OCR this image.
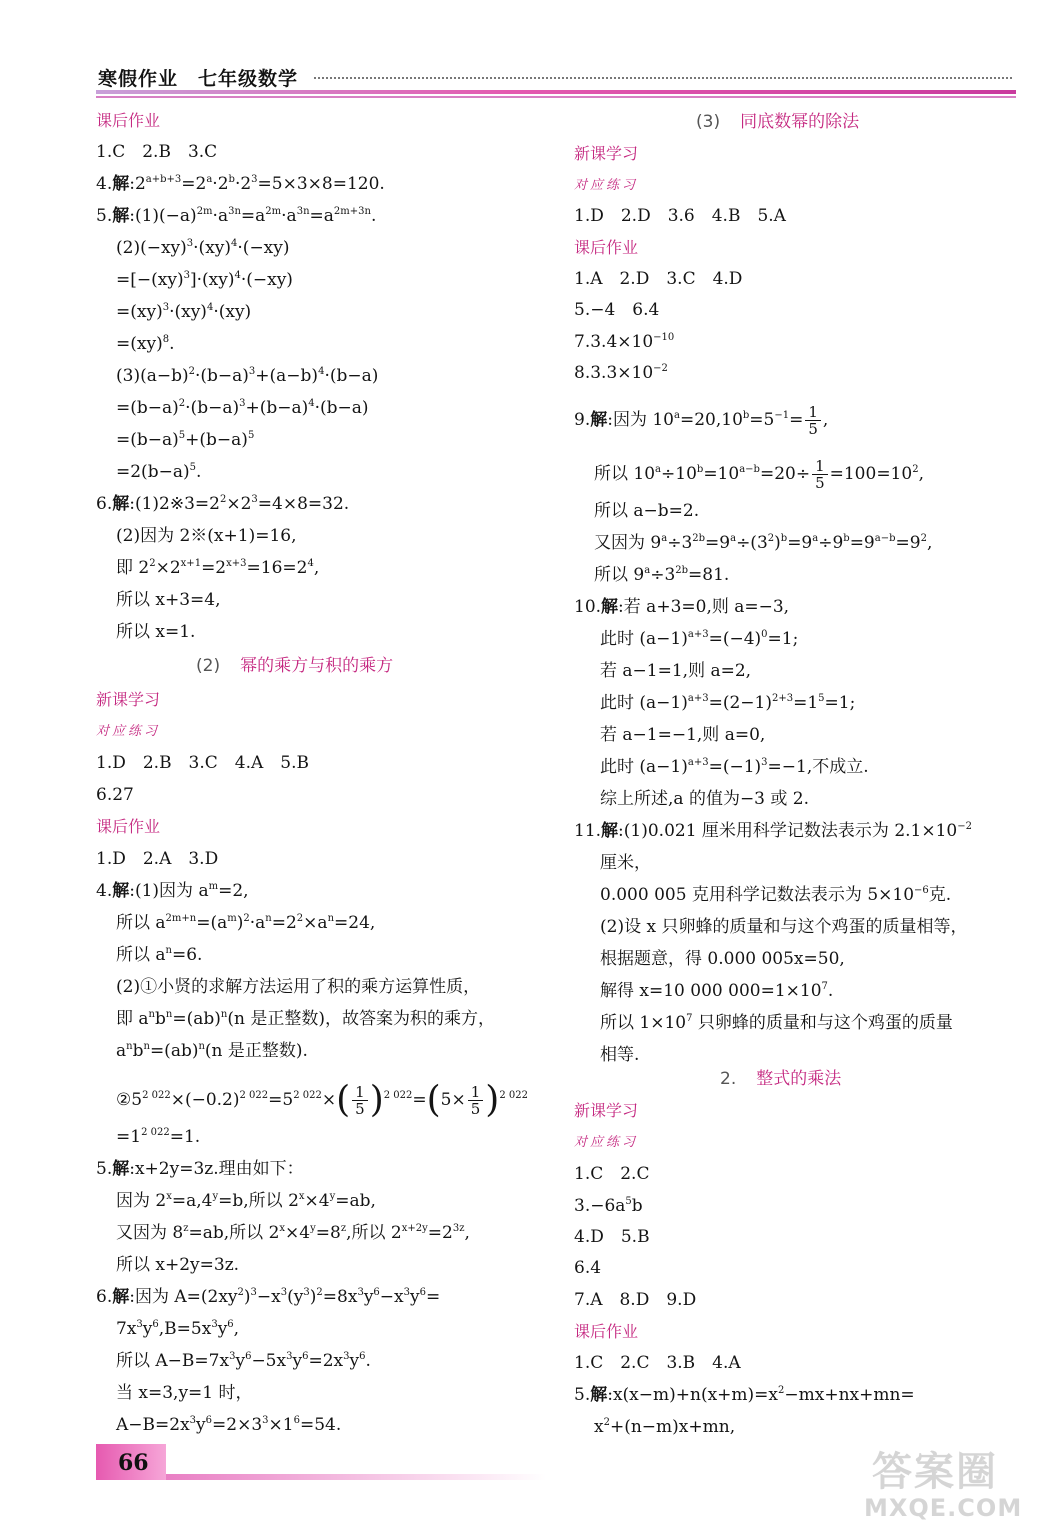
寒假作业　七年级数学
课后作业
1.C　2.B　3.C
4.解$:2^{a+b+3}=2^a\cdot 2^b\cdot 2^3=5\times 3\times 8=120$.
5.解$:(1)(-a)^{2m}\cdot a^{3n}=a^{2m}\cdot a^{3n}=a^{2m+3n}$.
$(2)(-xy)^3\cdot(xy)^4\cdot(-xy)$
=[−(xy)$^3$]·(xy)$^4$·(−xy)
=(xy)$^3$·(xy)$^4$·(xy)
=(xy)$^8$.
$(3)(a-b)^2\cdot(b-a)^3+(a-b)^4\cdot(b-a)$
$=(b-a)^2\cdot(b-a)^3+(b-a)^4\cdot(b-a)$
$=(b-a)^5+(b-a)^5$
$=2(b-a)^5$.
6.解$:(1)2※3=2^2\times 2^3=4\times 8=32$.
(2)因为 2※(x+1)=16,
即 $2^2\times 2^{x+1}=2^{x+3}=16=2^4$,
所以 x+3=4,
所以 x=1.
(2) 幂的乘方与积的乘方
新课学习
对应练习
1.D　2.B　3.C　4.A　5.B
6.27
课后作业
1.D　2.A　3.D
4.解:(1)因为 $a^m=2$,
所以 $a^{2m+n}=(a^m)^2\cdot a^n=2^2\times a^n=24$,
所以 $a^n=6$.
(2)①小贤的求解方法运用了积的乘方运算性质，
即 $a^nb^n=(ab)^n(n$ 是正整数)，故答案为积的乘方，
$a^nb^n=(ab)^n(n$ 是正整数).
$②5^{2 022}\times(-0.2)^{2 022}=5^{2 022}\times( \frac{1}{5} )^{2 022}=(5\times \frac{1}{5} )^{2 022}$
$=1^{2 022}=1$.
5.解:x+2y=3z.理由如下：
因为 $2^x=a,4^y=b$,所以 $2^x\times 4^y=ab$,
又因为 $8^z=ab$,所以 $2^x\times 4^y=8^z$,所以 $2^{x+2y}=2^{3z}$,
所以 x+2y=3z.
6.解:因为 $A=(2xy^2)^3-x^3(y^3)^2=8x^3y^6-x^3y^6=$
$7x^3y^6,B=5x^3y^6$,
所以 $A-B=7x^3y^6-5x^3y^6=2x^3y^6$.
当 x=3,y=1 时，
$A-B=2x^3y^6=2\times 3^3\times 1^6=54$.
(3) 同底数幂的除法
新课学习
对应练习
1.D　2.D　3.6　4.B　5.A
课后作业
1.A　2.D　3.C　4.D
5.−4　6.4
$7.3.4\times 10^{-10}$
$8.3.3\times 10^{-2}$
9.解:因为 $10^a=20,10^b=5^{-1}= \frac{1}{5}$ ,
所以 $10^a\div 10^b=10^{a-b}=20\div \frac{1}{5} =100=10^2$,
所以 a−b=2.
又因为 $9^a\div 3^{2b}=9^a\div(3^2)^b=9^a\div 9^b=9^{a-b}=9^2$,
所以 $9^a\div 3^{2b}=81$.
10.解:若 a+3=0,则 a=−3,
此时 $(a-1)^{a+3}=(-4)^0=1$;
若 a−1=1,则 a=2,
此时 $(a-1)^{a+3}=(2-1)^{2+3}=1^5=1$;
若 a−1=−1,则 a=0,
此时 $(a-1)^{a+3}=(-1)^3=-1$,不成立.
综上所述,a 的值为−3 或 2.
11.解:(1)0.021 厘米用科学记数法表示为 $2.1\times 10^{-2}$
厘米，
0.000 005 克用科学记数法表示为 $5\times 10^{-6}$克.
(2)设 x 只卵蜂的质量和与这个鸡蛋的质量相等，
根据题意，得 0.000 005x=50,
解得 x=10 000 $000=1\times 10^7$.
所以 $1\times 10^7$ 只卵蜂的质量和与这个鸡蛋的质量
相等.
2. 整式的乘法
新课学习
对应练习
1.C　2.C
$3.-6a^5b$
4.D　5.B
6.4
7.A　8.D　9.D
课后作业
1.C　2.C　3.B　4.A
5.解$:x(x-m)+n(x+m)=x^2-mx+nx+mn=$
$x^2+(n-m)x+mn$,
66	答案圈
MXQE.COM
